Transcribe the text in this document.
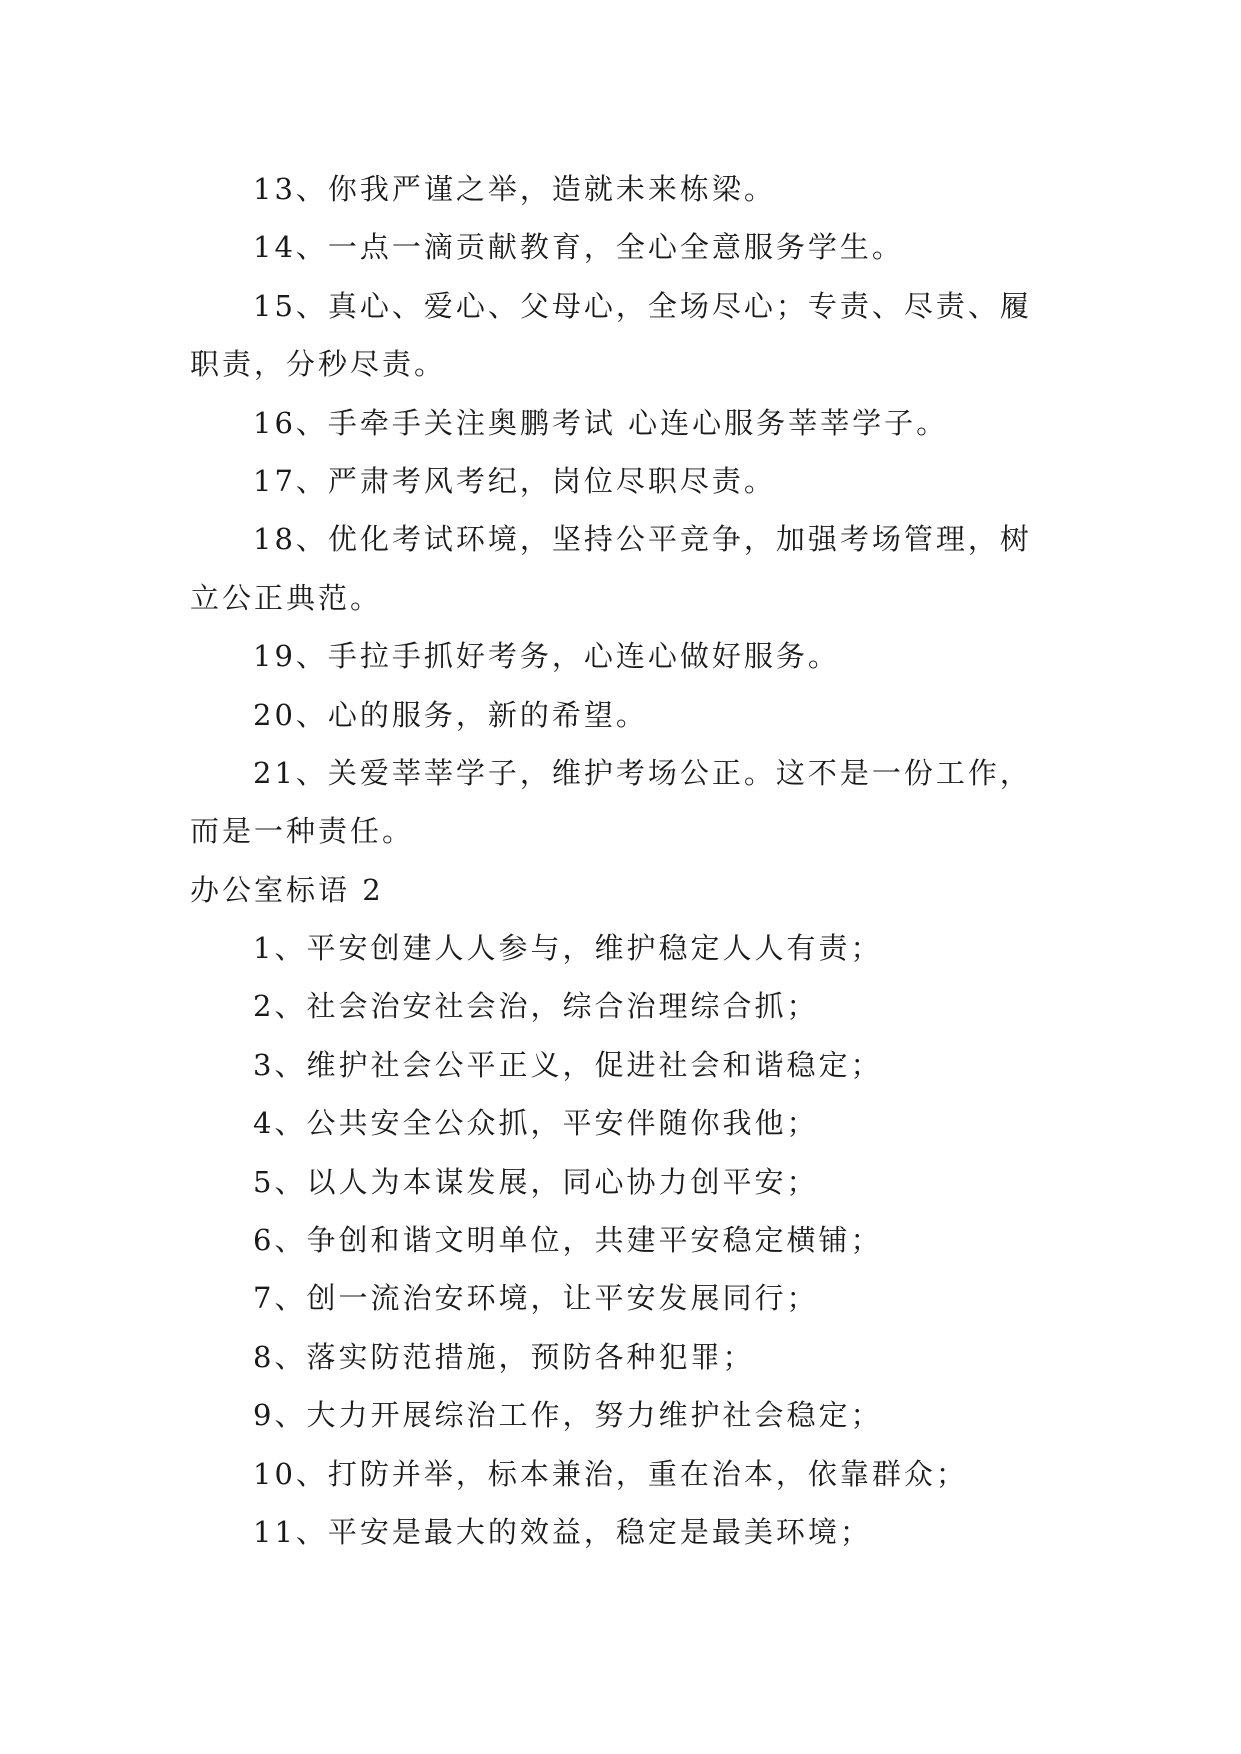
13、你我严谨之举，造就未来栋梁。
14、一点一滴贡献教育，全心全意服务学生。
15、真心、爱心、父母心，全场尽心；专责、尽责、履
职责，分秒尽责。
16、手牵手关注奥鹏考试 心连心服务莘莘学子。
17、严肃考风考纪，岗位尽职尽责。
18、优化考试环境，坚持公平竞争，加强考场管理，树
立公正典范。
19、手拉手抓好考务，心连心做好服务。
20、心的服务，新的希望。
21、关爱莘莘学子，维护考场公正。这不是一份工作，
而是一种责任。
办公室标语 2
1、平安创建人人参与，维护稳定人人有责；
2、社会治安社会治，综合治理综合抓；
3、维护社会公平正义，促进社会和谐稳定；
4、公共安全公众抓，平安伴随你我他；
5、以人为本谋发展，同心协力创平安；
6、争创和谐文明单位，共建平安稳定横铺；
7、创一流治安环境，让平安发展同行；
8、落实防范措施，预防各种犯罪；
9、大力开展综治工作，努力维护社会稳定；
10、打防并举，标本兼治，重在治本，依靠群众；
11、平安是最大的效益，稳定是最美环境；
